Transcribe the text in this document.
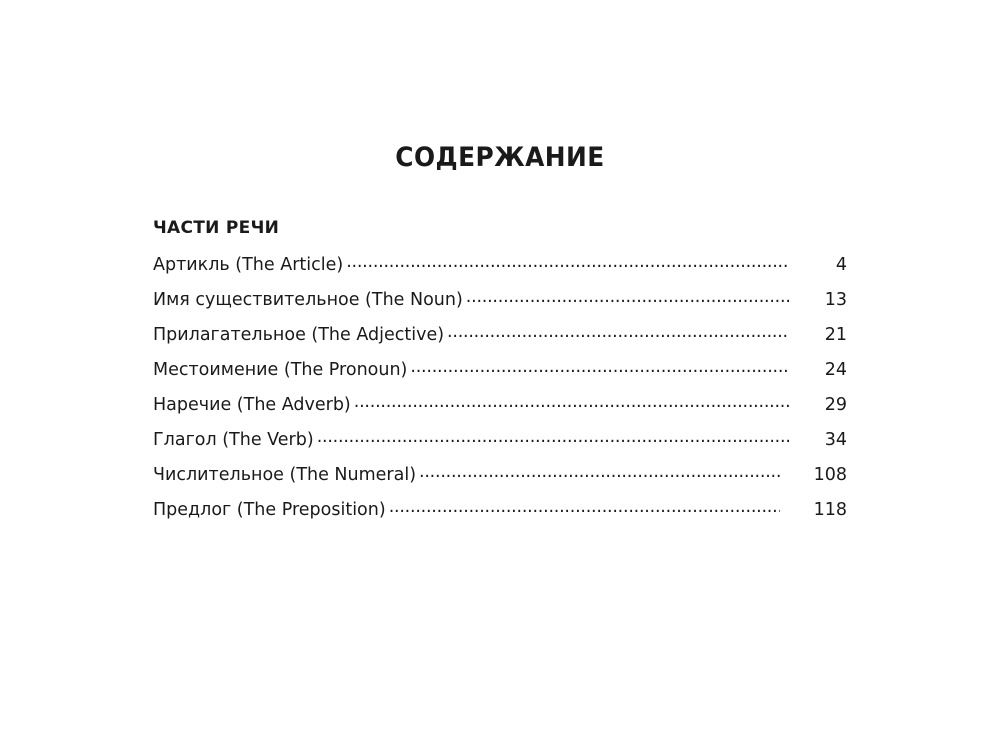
СОДЕРЖАНИЕ
ЧАСТИ РЕЧИ
Артикль (The Article) . . .	4
Имя существительное (The Noun) . . .	13
Прилагательное (The Adjective) . . .	21
Местоимение (The Pronoun) . . .	24
Наречие (The Adverb) . . .	29
Глагол (The Verb) . . .	34
Числительное (The Numeral) . . .	108
Предлог (The Preposition) . . .	118
